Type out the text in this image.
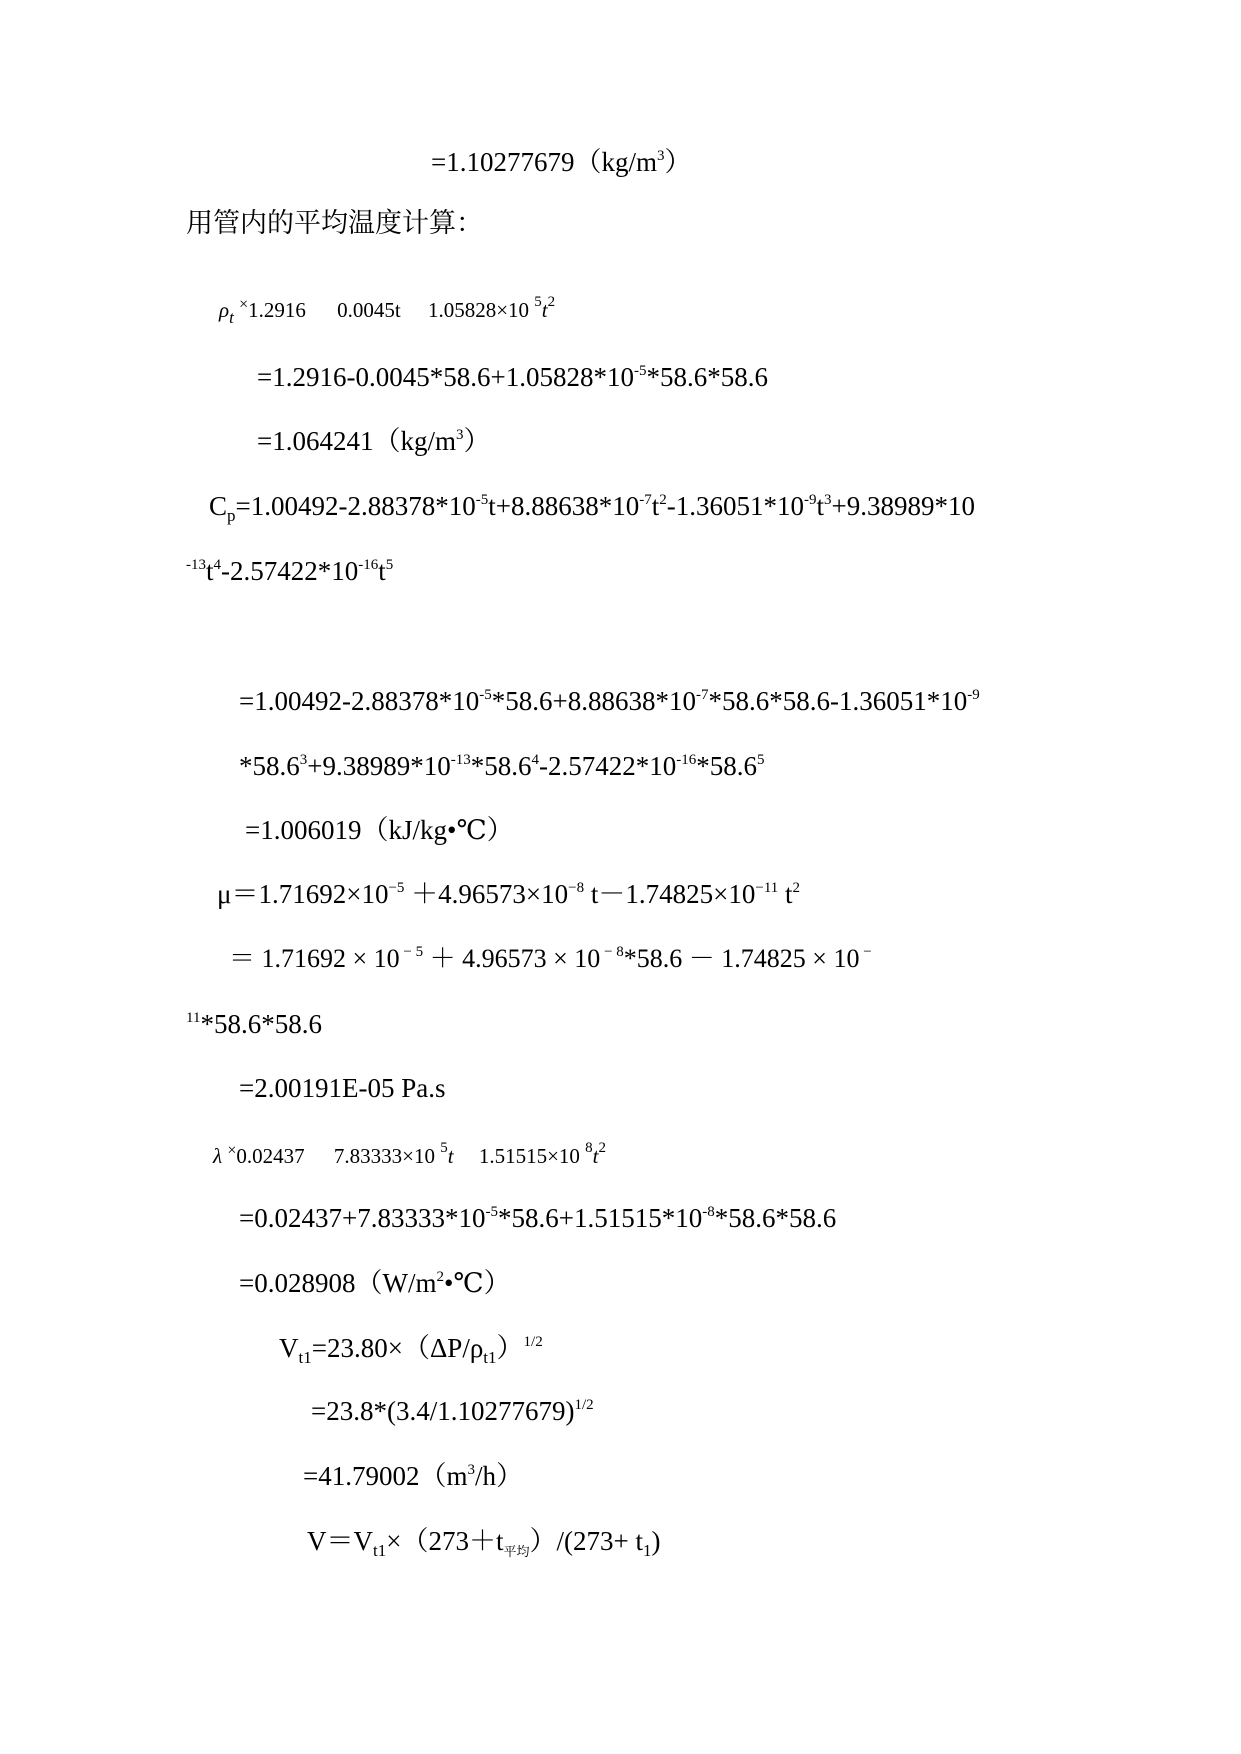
$=1.10277679(kg/m^3)$
用管内的平均温度计算：
$\rho_t$ ×1.2916 0.0045t 1.05828×10 $^5t^2$
$=1.2916-0.0045*58.6+1.05828*10^{-5}*58.6*58.6$
$=1.064241(kg/m^3)$
$C_p=1.00492-2.88378*10^{-5}t+8.88638*10^{-7}t^2-1.36051*10^{-9}t^3+9.38989*10$
$^{-13}t^4-2.57422*10^{-16}t^5$
$=1.00492-2.88378*10^{-5}*58.6+8.88638*10^{-7}*58.6*58.6-1.36051*10^{-9}$
$*58.6^3+9.38989*10^{-13}*58.6^4-2.57422*10^{-16}*58.6^5$
=1.006019（kJ/kg•℃）
$\mu=1.71692\times 10^{-5} +4.96573\times 10^{-8}$ $t-1.74825\times 10^{-11}$ $t^2$
＝ 1.71692 × 10 $^{- 5}$ ＋ 4.96573 × 10 $^{- 8}$*58.6 － 1.74825 × 10 −
$^{11}$*58.6*58.6
=2.00191E-05 Pa.s
λ ×0.02437 7.83333×10 $^5$t 1.51515×10 $^8t^2$
$=0.02437+7.83333*10^{-5}*58.6+1.51515*10^{-8}*58.6*58.6$
$=0.028908(W/m^2•℃)$
$V_{t1}=23.80\times(\Delta P/\rho_{t1})^{1/2}$
$=23.8*(3.4/1.10277679)^{1/2}$
$=41.79002(m^3/h)$
$V=V_{t1}\times(273+t_{平均})/(273+ t_1)$
